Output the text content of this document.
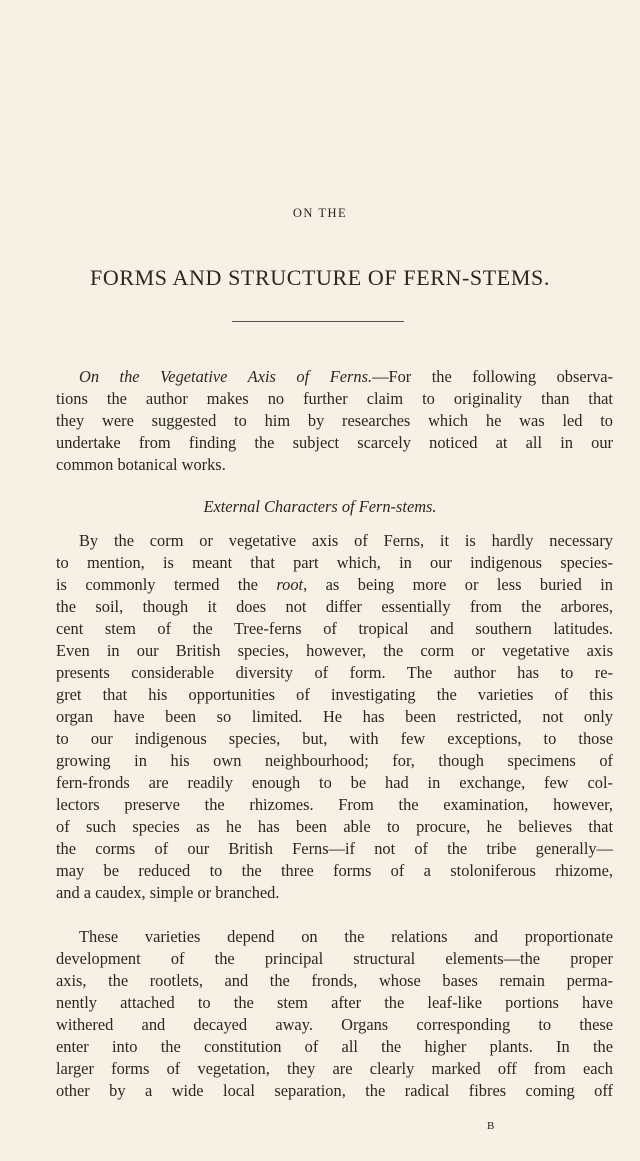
ON THE
FORMS AND STRUCTURE OF FERN-STEMS.
On the Vegetative Axis of Ferns.—For the following observa-
tions the author makes no further claim to originality than that
they were suggested to him by researches which he was led to
undertake from finding the subject scarcely noticed at all in our
common botanical works.
External Characters of Fern-stems.
By the corm or vegetative axis of Ferns, it is hardly necessary
to mention, is meant that part which, in our indigenous species-
is commonly termed the root, as being more or less buried in
the soil, though it does not differ essentially from the arbores,
cent stem of the Tree-ferns of tropical and southern latitudes.
Even in our British species, however, the corm or vegetative axis
presents considerable diversity of form. The author has to re-
gret that his opportunities of investigating the varieties of this
organ have been so limited. He has been restricted, not only
to our indigenous species, but, with few exceptions, to those
growing in his own neighbourhood; for, though specimens of
fern-fronds are readily enough to be had in exchange, few col-
lectors preserve the rhizomes. From the examination, however,
of such species as he has been able to procure, he believes that
the corms of our British Ferns—if not of the tribe generally—
may be reduced to the three forms of a stoloniferous rhizome,
and a caudex, simple or branched.
These varieties depend on the relations and proportionate
development of the principal structural elements—the proper
axis, the rootlets, and the fronds, whose bases remain perma-
nently attached to the stem after the leaf-like portions have
withered and decayed away. Organs corresponding to these
enter into the constitution of all the higher plants. In the
larger forms of vegetation, they are clearly marked off from each
other by a wide local separation, the radical fibres coming off
B
